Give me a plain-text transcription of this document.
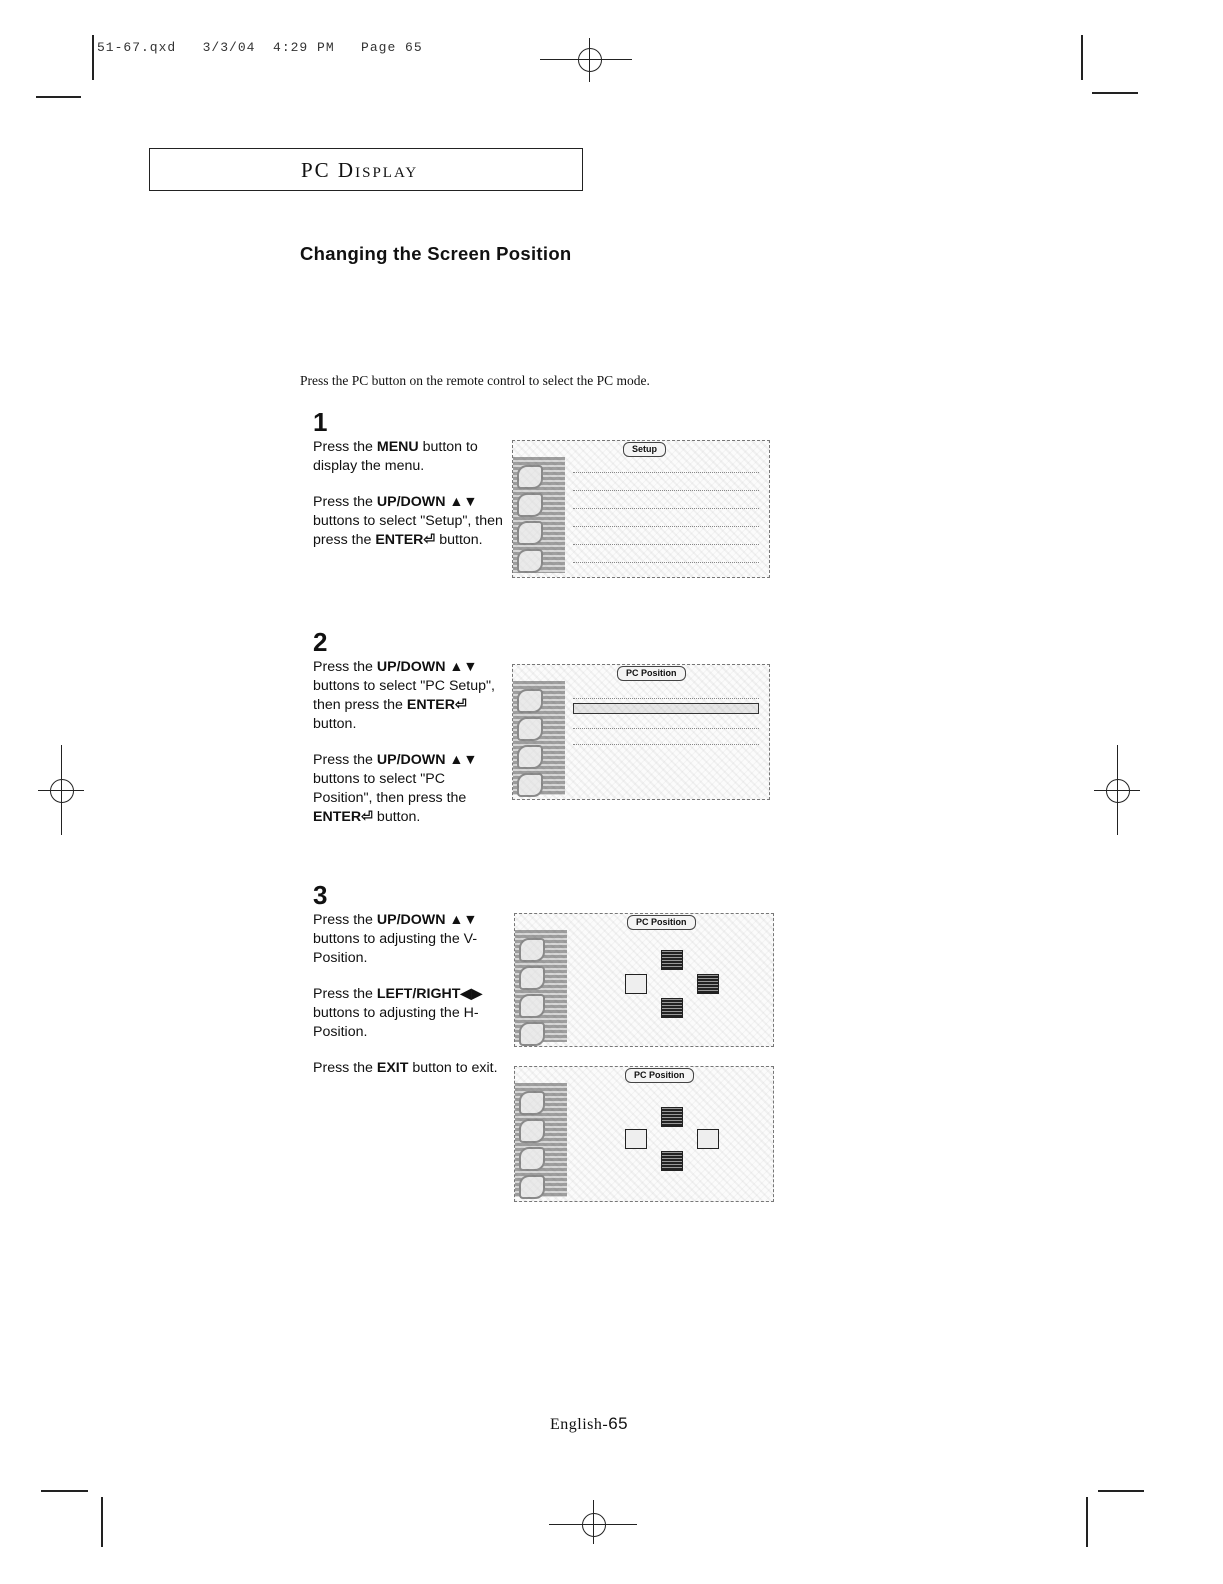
51-67.qxd   3/3/04  4:29 PM   Page 65
PC Display
Changing the Screen Position
Press the PC button on the remote control to select the PC mode.
1

Press the MENU button to display the menu.

Press the UP/DOWN ▲▼ buttons to select "Setup", then press the ENTER⏎ button.

Setup
2

Press the UP/DOWN ▲▼ buttons to select "PC Setup", then press the ENTER⏎ button.

Press the UP/DOWN ▲▼ buttons to select "PC Position", then press the ENTER⏎ button.

PC Position
3

Press the UP/DOWN ▲▼ buttons to adjusting the V-Position.

Press the LEFT/RIGHT◀▶ buttons to adjusting the H-Position.

Press the EXIT button to exit.

PC Position
PC Position
English-65
